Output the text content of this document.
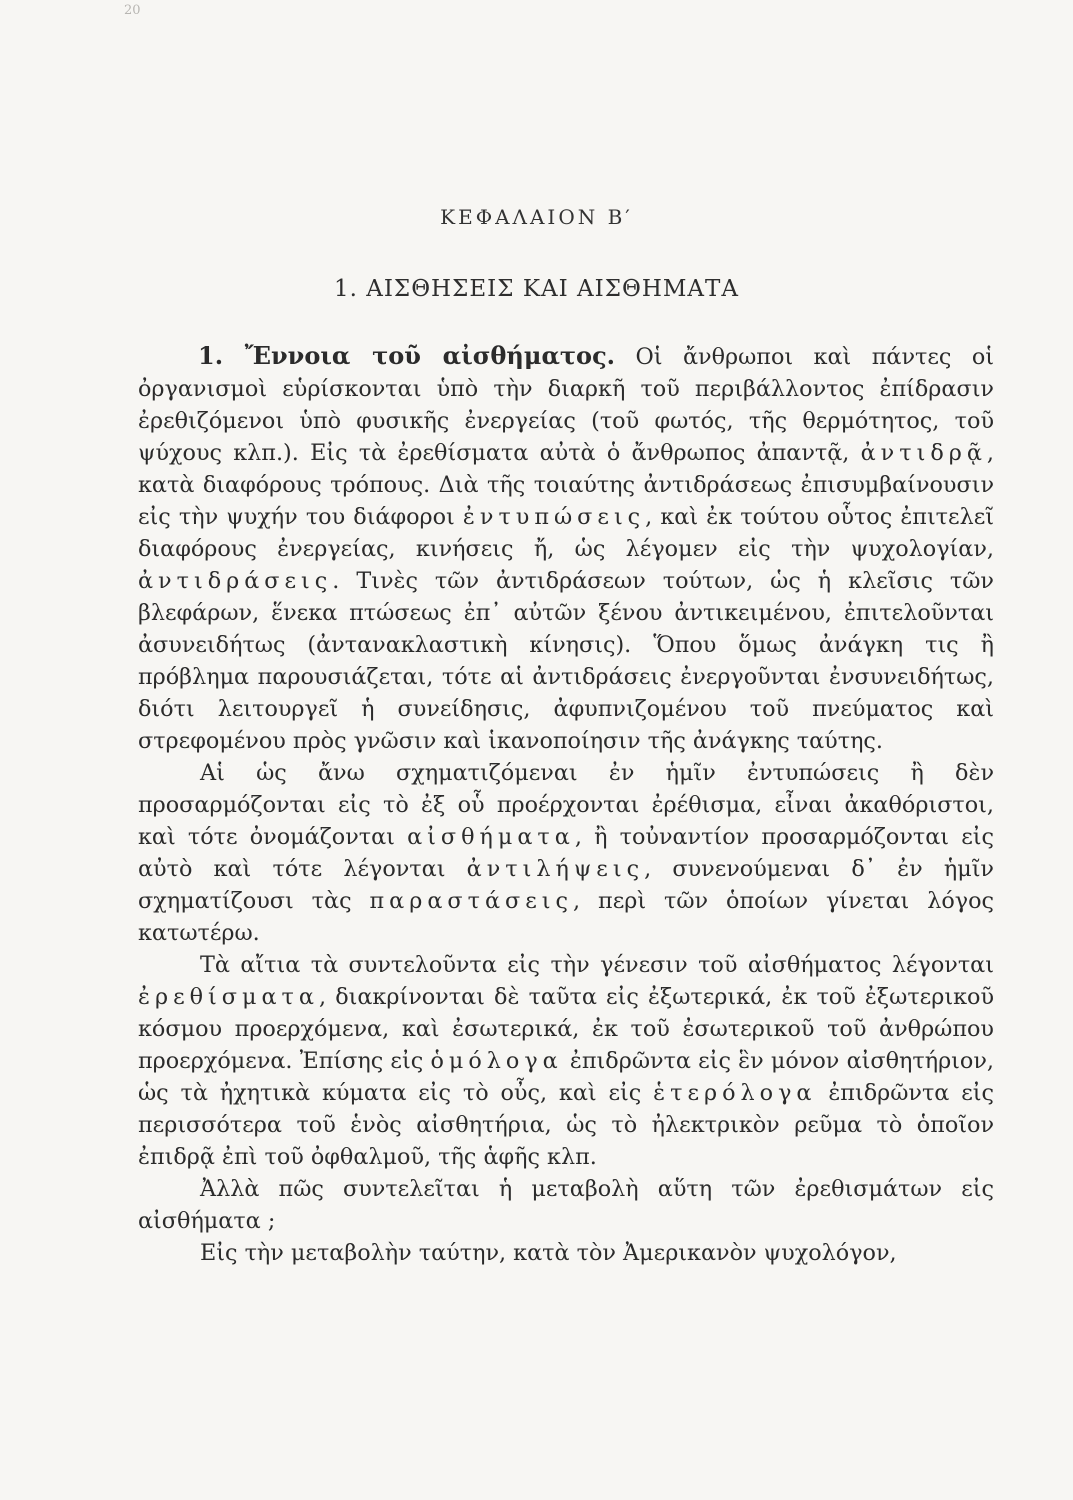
20
ΚΕΦΑΛΑΙΟΝ Β′
1. ΑΙΣΘΗΣΕΙΣ ΚΑΙ ΑΙΣΘΗΜΑΤΑ

1. Ἔννοια τοῦ αἰσθήματος. Οἱ ἄνθρωποι καὶ πάντες οἱ ὀργανισμοὶ εὑρίσκονται ὑπὸ τὴν διαρκῆ τοῦ περιβάλλοντος ἐπίδρασιν ἐρεθιζόμενοι ὑπὸ φυσικῆς ἐνεργείας (τοῦ φωτός, τῆς θερμότητος, τοῦ ψύχους κλπ.). Εἰς τὰ ἐρεθίσματα αὐτὰ ὁ ἄνθρωπος ἀπαντᾷ, ἀντιδρᾷ, κατὰ διαφόρους τρόπους. Διὰ τῆς τοιαύτης ἀντιδράσεως ἐπισυμβαίνουσιν εἰς τὴν ψυχήν του διάφοροι ἐντυπώσεις, καὶ ἐκ τούτου οὗτος ἐπιτελεῖ διαφόρους ἐνεργείας, κινήσεις ἤ, ὡς λέγομεν εἰς τὴν ψυχολογίαν, ἀντιδράσεις. Τινὲς τῶν ἀντιδράσεων τούτων, ὡς ἡ κλεῖσις τῶν βλεφάρων, ἕνεκα πτώσεως ἐπ᾽ αὐτῶν ξένου ἀντικειμένου, ἐπιτελοῦνται ἀσυνειδήτως (ἀντανακλαστικὴ κίνησις). Ὅπου ὅμως ἀνάγκη τις ἢ πρόβλημα παρουσιάζεται, τότε αἱ ἀντιδράσεις ἐνεργοῦνται ἐνσυνειδήτως, διότι λειτουργεῖ ἡ συνείδησις, ἀφυπνιζομένου τοῦ πνεύματος καὶ στρεφομένου πρὸς γνῶσιν καὶ ἱκανοποίησιν τῆς ἀνάγκης ταύτης.

Αἱ ὡς ἄνω σχηματιζόμεναι ἐν ἡμῖν ἐντυπώσεις ἢ δὲν προσαρμόζονται εἰς τὸ ἐξ οὗ προέρχονται ἐρέθισμα, εἶναι ἀκαθόριστοι, καὶ τότε ὀνομάζονται αἰσθήματα, ἢ τοὐναντίον προσαρμόζονται εἰς αὐτὸ καὶ τότε λέγονται ἀντιλήψεις, συνενούμεναι δ᾽ ἐν ἡμῖν σχηματίζουσι τὰς παραστάσεις, περὶ τῶν ὁποίων γίνεται λόγος κατωτέρω.

Τὰ αἴτια τὰ συντελοῦντα εἰς τὴν γένεσιν τοῦ αἰσθήματος λέγονται ἐρεθίσματα, διακρίνονται δὲ ταῦτα εἰς ἐξωτερικά, ἐκ τοῦ ἐξωτερικοῦ κόσμου προερχόμενα, καὶ ἐσωτερικά, ἐκ τοῦ ἐσωτερικοῦ τοῦ ἀνθρώπου προερχόμενα. Ἐπίσης εἰς ὁμόλογα ἐπιδρῶντα εἰς ἓν μόνον αἰσθητήριον, ὡς τὰ ἠχητικὰ κύματα εἰς τὸ οὖς, καὶ εἰς ἑτερόλογα ἐπιδρῶντα εἰς περισσότερα τοῦ ἑνὸς αἰσθητήρια, ὡς τὸ ἠλεκτρικὸν ρεῦμα τὸ ὁποῖον ἐπιδρᾷ ἐπὶ τοῦ ὀφθαλμοῦ, τῆς ἁφῆς κλπ.

Ἀλλὰ πῶς συντελεῖται ἡ μεταβολὴ αὕτη τῶν ἐρεθισμάτων εἰς αἰσθήματα ;

Εἰς τὴν μεταβολὴν ταύτην, κατὰ τὸν Ἀμερικανὸν ψυχολόγον,
